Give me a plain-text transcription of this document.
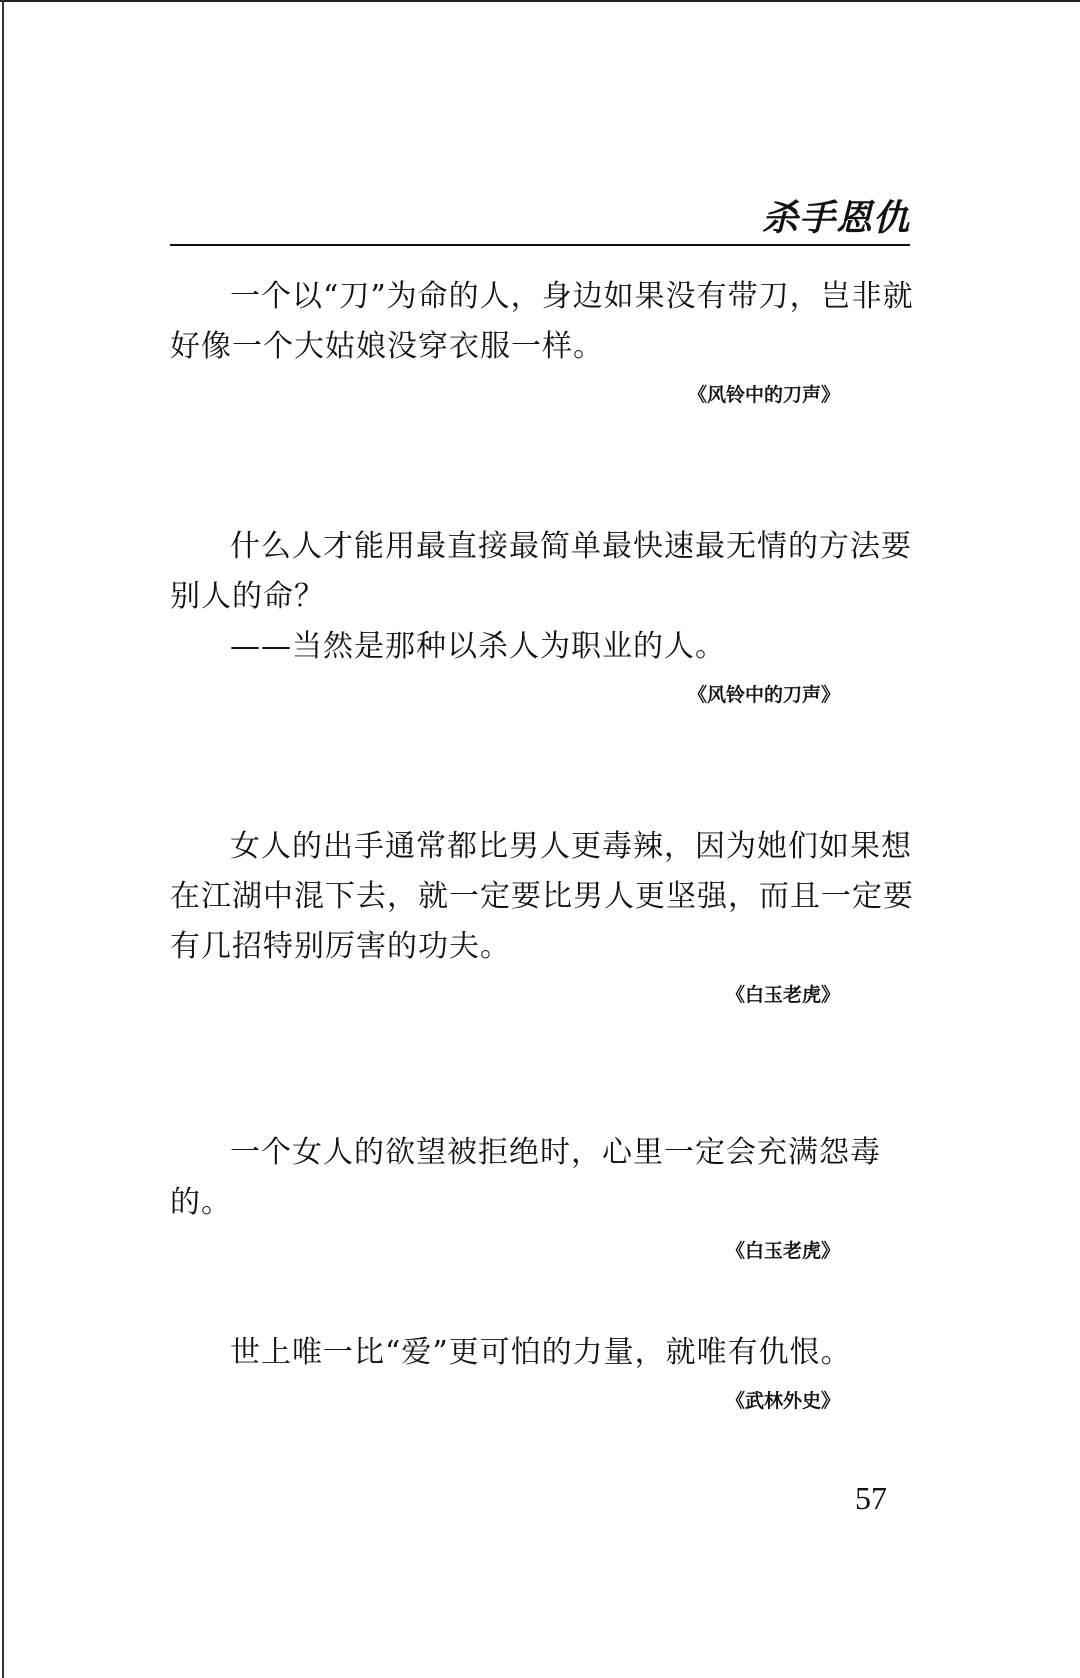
杀手恩仇

一个以“刀”为命的人，身边如果没有带刀，岂非就好像一个大姑娘没穿衣服一样。

《风铃中的刀声》

什么人才能用最直接最简单最快速最无情的方法要别人的命？

——当然是那种以杀人为职业的人。

《风铃中的刀声》

女人的出手通常都比男人更毒辣，因为她们如果想在江湖中混下去，就一定要比男人更坚强，而且一定要有几招特别厉害的功夫。

《白玉老虎》

一个女人的欲望被拒绝时，心里一定会充满怨毒的。

《白玉老虎》

世上唯一比“爱”更可怕的力量，就唯有仇恨。

《武林外史》
57
